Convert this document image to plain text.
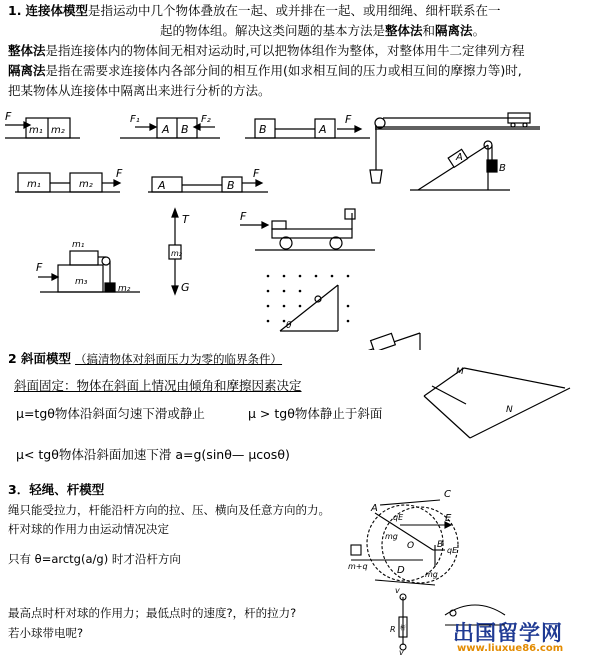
1. 连接体模型是指运动中几个物体叠放在一起、或并排在一起、或用细绳、细杆联系在一
起的物体组。解决这类问题的基本方法是整体法和隔离法。
整体法是指连接体内的物体间无相对运动时,可以把物体组作为整体，对整体用牛二定律列方程
隔离法是指在需要求连接体内各部分间的相互作用(如求相互间的压力或相互间的摩擦力等)时,
把某物体从连接体中隔离出来进行分析的方法。
F
m₁ m₂
F₁	F₂
A B	B	A
F
A
B
m₁	m₂
F
A	B
F
T
m₂
G
F
m₁
m₃
m₂
F
θ
2 斜面模型 （搞清物体对斜面压力为零的临界条件）
斜面固定：物体在斜面上情况由倾角和摩擦因素决定
μ=tgθ物体沿斜面匀速下滑或静止	μ > tgθ物体静止于斜面
μ< tgθ物体沿斜面加速下滑 a=g(sinθ— μcosθ)
M
N
3．轻绳、杆模型
绳只能受拉力，杆能沿杆方向的拉、压、横向及任意方向的力。
杆对球的作用力由运动情况决定
只有 θ=arctg(a/g) 时才沿杆方向
最高点时杆对球的作用力；最低点时的速度?，杆的拉力?
若小球带电呢?
A
C
E
qE
mg
O	B
qE
m+q	D	mg
v
R 杆
v
出国留学网
www.liuxue86.com
